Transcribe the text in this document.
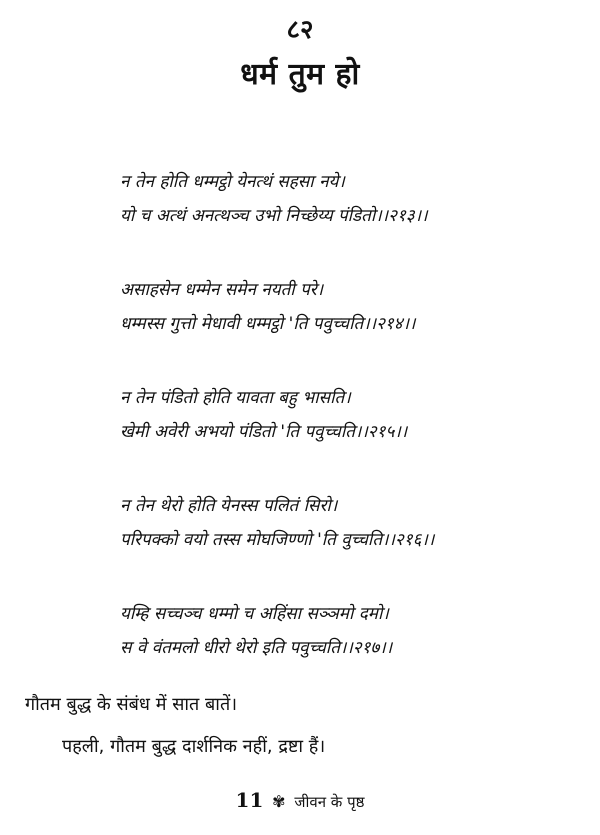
८२
धर्म तुम हो
न तेन होति धम्मट्ठो येनत्थं सहसा नये।
यो च अत्थं अनत्थञ्च उभो निच्छेय्य पंडितो।।२१३।।
असाहसेन धम्मेन समेन नयती परे।
धम्मस्स गुत्तो मेधावी धम्मट्ठो 'ति पवुच्चति।।२१४।।
न तेन पंडितो होति यावता बहु भासति।
खेमी अवेरी अभयो पंडितो 'ति पवुच्चति।।२१५।।
न तेन थेरो होति येनस्स पलितं सिरो।
परिपक्को वयो तस्स मोघजिण्णो 'ति वुच्चति।।२१६।।
यम्हि सच्चञ्च धम्मो च अहिंसा सञ्ञमो दमो।
स वे वंतमलो धीरो थेरो इति पवुच्चति।।२१७।।
गौतम बुद्ध के संबंध में सात बातें।
पहली, गौतम बुद्ध दार्शनिक नहीं, द्रष्टा हैं।
11 ✾ जीवन के पृष्ठ
